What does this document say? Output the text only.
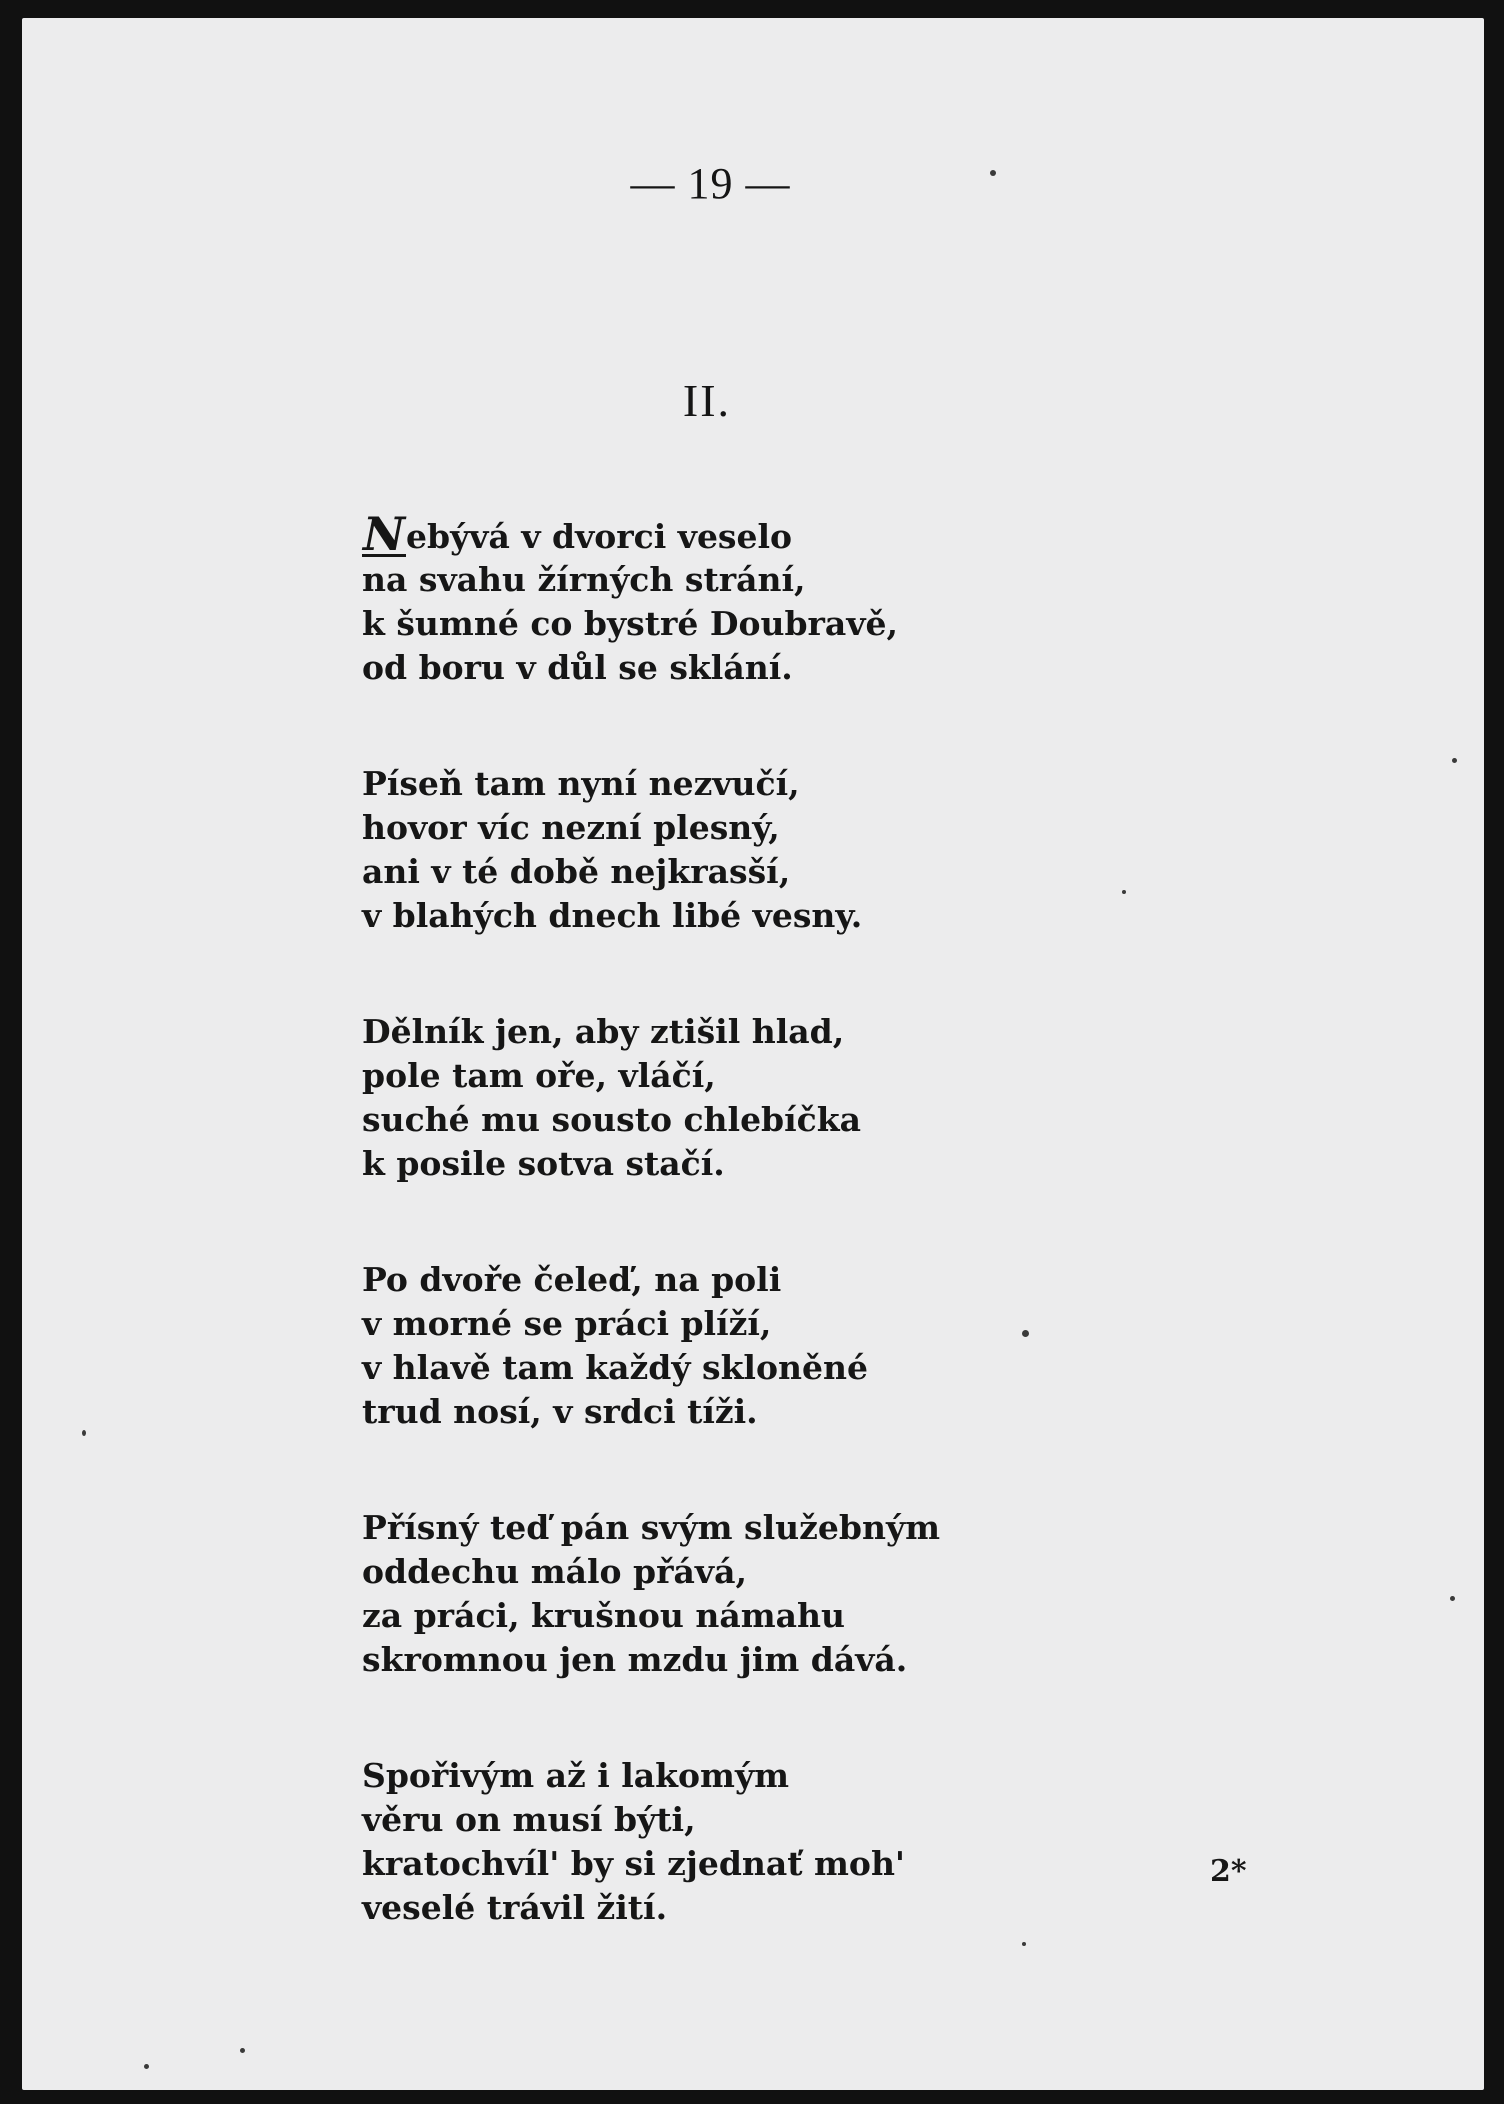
— 19 —
II.
Nebývá v dvorci veselo
na svahu žírných strání,
k šumné co bystré Doubravě,
od boru v důl se sklání.
Píseň tam nyní nezvučí,
hovor víc nezní plesný,
ani v té době nejkrasší,
v blahých dnech libé vesny.
Dělník jen, aby ztišil hlad,
pole tam oře, vláčí,
suché mu sousto chlebíčka
k posile sotva stačí.
Po dvoře čeleď, na poli
v morné se práci plíží,
v hlavě tam každý skloněné
trud nosí, v srdci tíži.
Přísný teď pán svým služebným
oddechu málo přává,
za práci, krušnou námahu
skromnou jen mzdu jim dává.
Spořivým až i lakomým
věru on musí býti,
kratochvíl' by si zjednať moh'
veselé trávil žití.
2*
